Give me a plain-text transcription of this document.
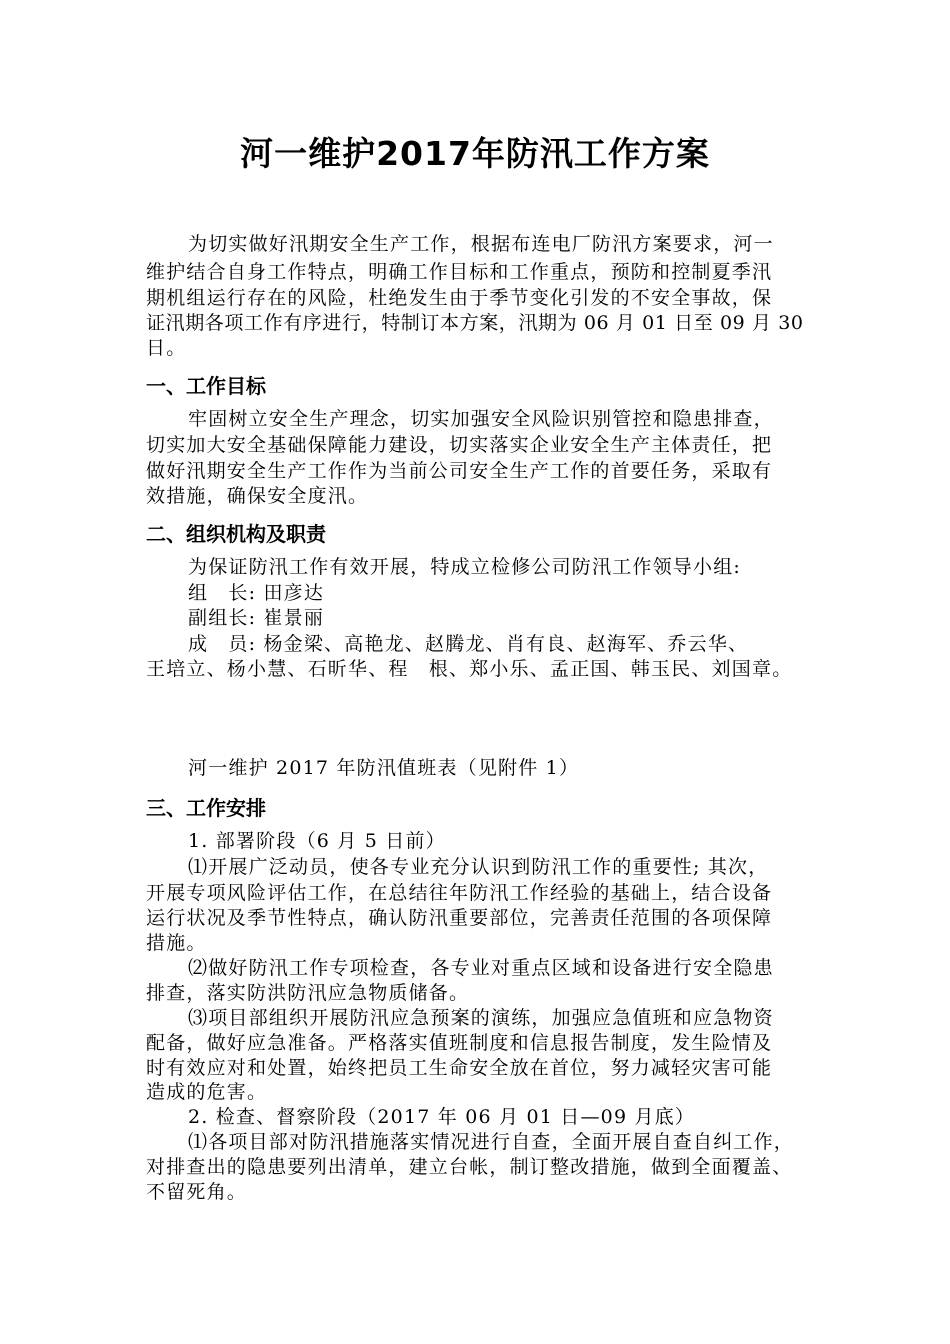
河一维护2017年防汛工作方案
为切实做好汛期安全生产工作，根据布连电厂防汛方案要求，河一
维护结合自身工作特点，明确工作目标和工作重点，预防和控制夏季汛
期机组运行存在的风险，杜绝发生由于季节变化引发的不安全事故，保
证汛期各项工作有序进行，特制订本方案，汛期为 06 月 01 日至 09 月 30
日。
一、工作目标
牢固树立安全生产理念，切实加强安全风险识别管控和隐患排查，
切实加大安全基础保障能力建设，切实落实企业安全生产主体责任，把
做好汛期安全生产工作作为当前公司安全生产工作的首要任务，采取有
效措施，确保安全度汛。
二、组织机构及职责
为保证防汛工作有效开展，特成立检修公司防汛工作领导小组:
组　长: 田彦达
副组长: 崔景丽
成　员: 杨金梁、高艳龙、赵腾龙、肖有良、赵海军、乔云华、
王培立、杨小慧、石昕华、程　根、郑小乐、孟正国、韩玉民、刘国章。
河一维护 2017 年防汛值班表（见附件 1）
三、工作安排
1. 部署阶段（6 月 5 日前）
⑴开展广泛动员，使各专业充分认识到防汛工作的重要性; 其次，
开展专项风险评估工作，在总结往年防汛工作经验的基础上，结合设备
运行状况及季节性特点，确认防汛重要部位，完善责任范围的各项保障
措施。
⑵做好防汛工作专项检查，各专业对重点区域和设备进行安全隐患
排查，落实防洪防汛应急物质储备。
⑶项目部组织开展防汛应急预案的演练，加强应急值班和应急物资
配备，做好应急准备。严格落实值班制度和信息报告制度，发生险情及
时有效应对和处置，始终把员工生命安全放在首位，努力减轻灾害可能
造成的危害。
2. 检查、督察阶段（2017 年 06 月 01 日—09 月底）
⑴各项目部对防汛措施落实情况进行自查，全面开展自查自纠工作，
对排查出的隐患要列出清单，建立台帐，制订整改措施，做到全面覆盖、
不留死角。
